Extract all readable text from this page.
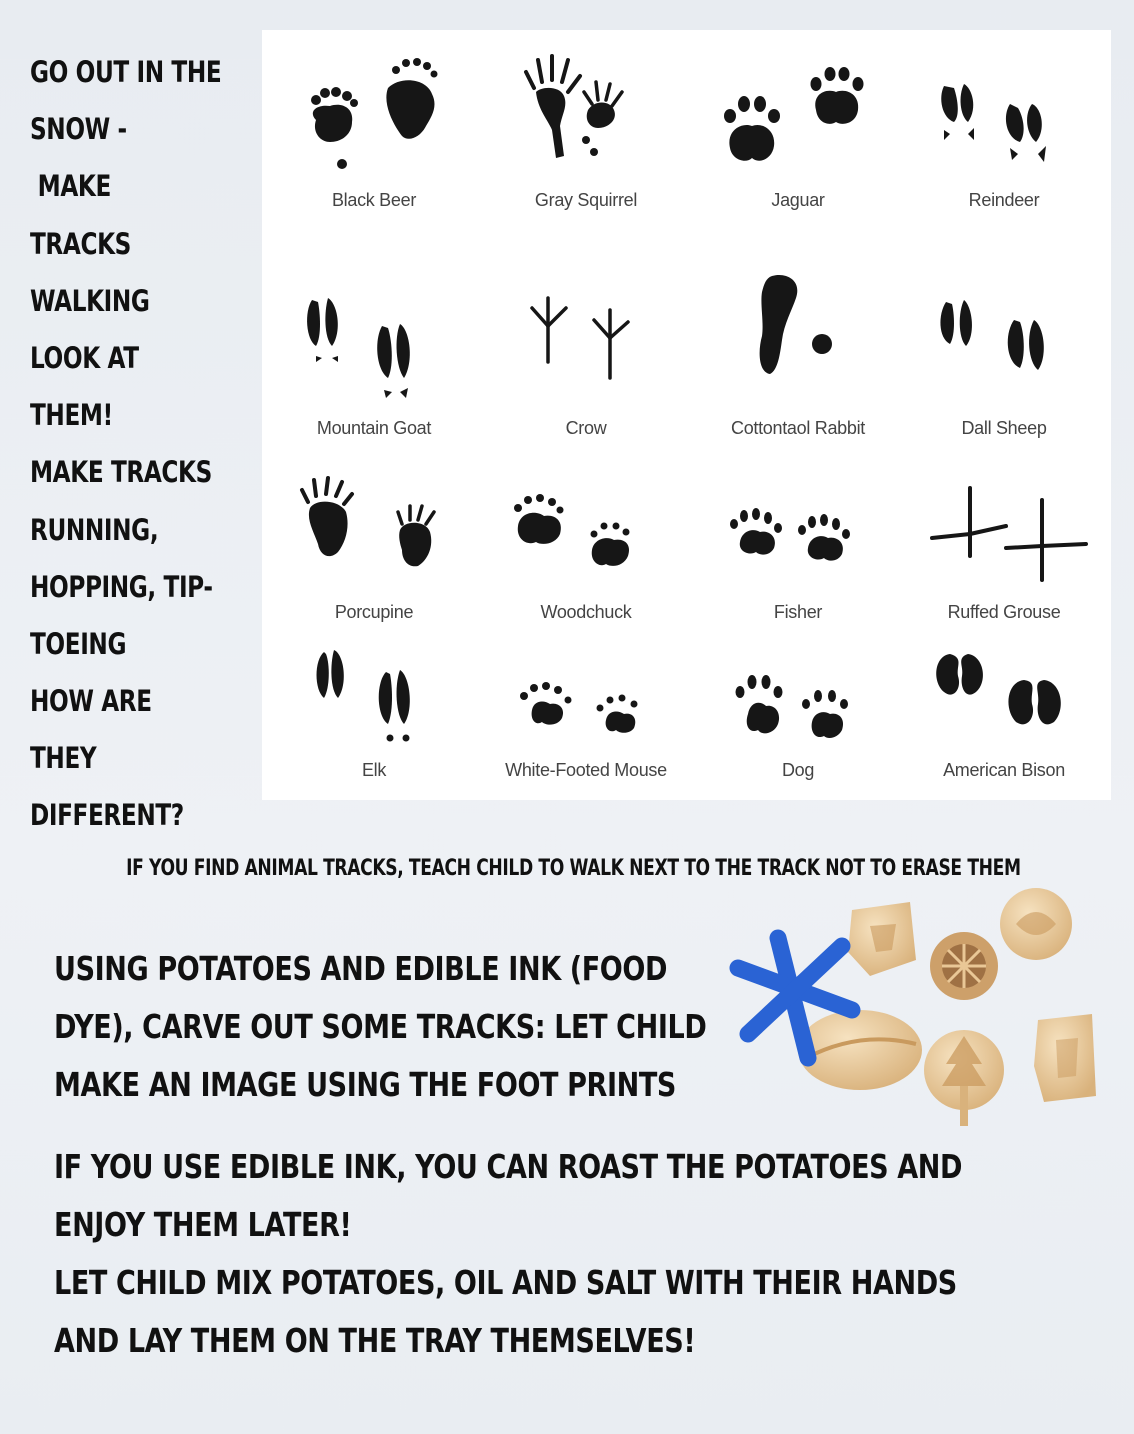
GO OUT IN THE
SNOW -
MAKE
TRACKS
WALKING
LOOK AT
THEM!
MAKE TRACKS
RUNNING,
HOPPING, TIP-
TOEING
HOW ARE
THEY
DIFFERENT?
Black Beer	Gray Squirrel	Jaguar	Reindeer
Mountain Goat	Crow	Cottontaol Rabbit	Dall Sheep
Porcupine	Woodchuck	Fisher	Ruffed Grouse
Elk	White-Footed Mouse	Dog	American Bison
IF YOU FIND ANIMAL TRACKS, TEACH CHILD TO WALK NEXT TO THE TRACK NOT TO ERASE THEM
USING POTATOES AND EDIBLE INK (FOOD
DYE), CARVE OUT SOME TRACKS: LET CHILD
MAKE AN IMAGE USING THE FOOT PRINTS
IF YOU USE EDIBLE INK, YOU CAN ROAST THE POTATOES AND
ENJOY THEM LATER!
LET CHILD MIX POTATOES, OIL AND SALT WITH THEIR HANDS
AND LAY THEM ON THE TRAY THEMSELVES!
